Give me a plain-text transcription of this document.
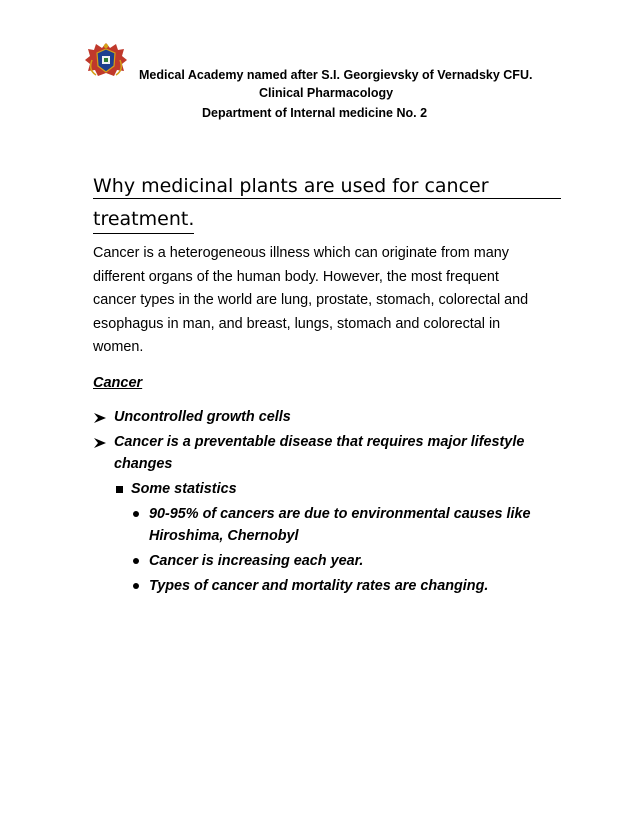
Medical Academy named after S.I. Georgievsky of Vernadsky CFU.
Clinical Pharmacology
Department of Internal medicine No. 2
Why medicinal plants are used for cancer
treatment.
Cancer is a heterogeneous illness which can originate from many
different organs of the human body. However, the most frequent
cancer types in the world are lung, prostate, stomach, colorectal and
esophagus in man, and breast, lungs, stomach and colorectal in
women.
Cancer
Uncontrolled growth cells
Cancer is a preventable disease that requires major lifestyle
changes
Some statistics
90-95% of cancers are due to environmental causes like
Hiroshima, Chernobyl
Cancer is increasing each year.
Types of cancer and mortality rates are changing.
